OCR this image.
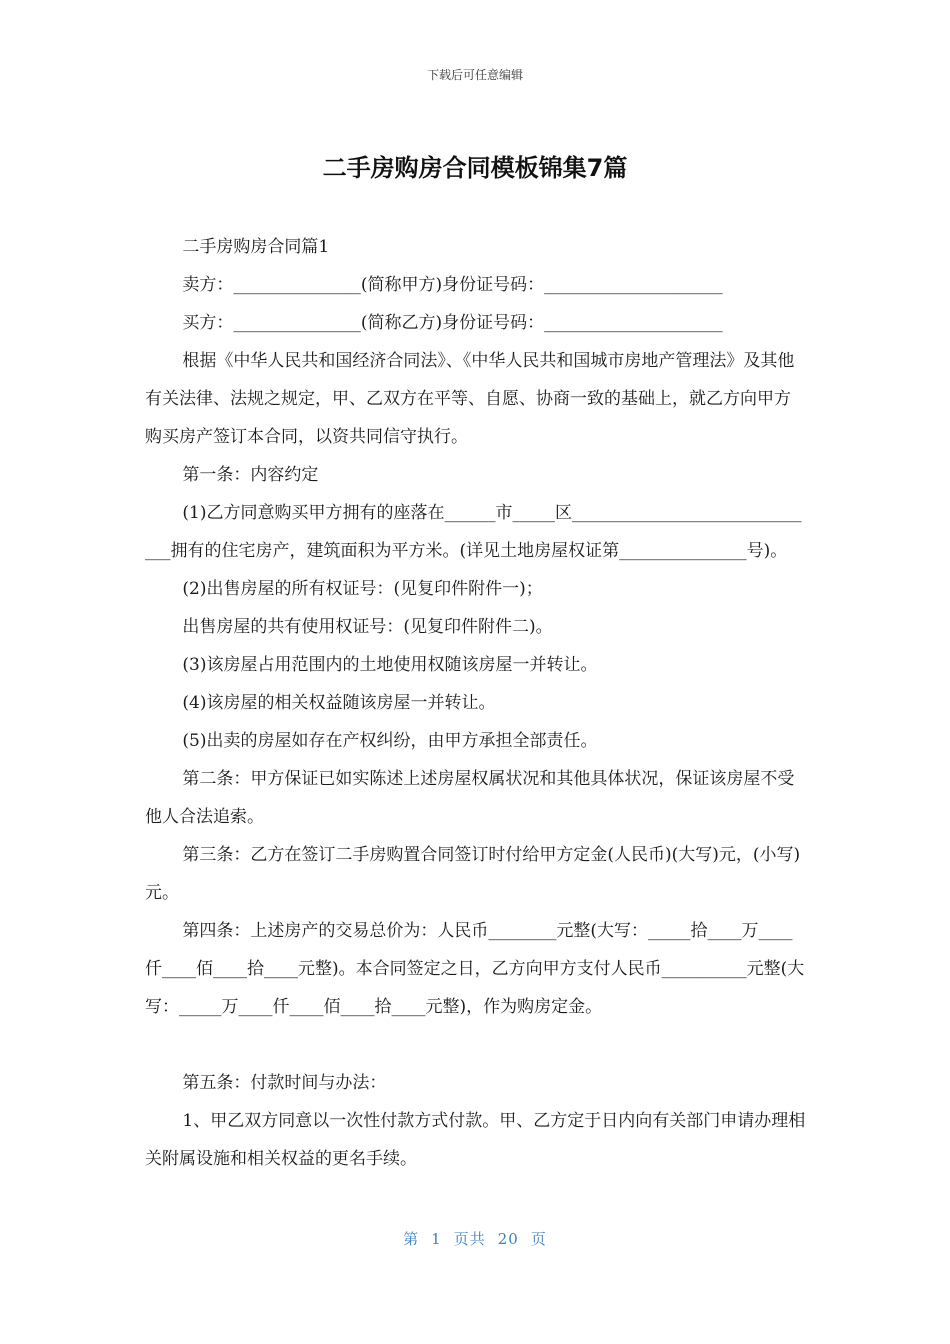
下载后可任意编辑
二手房购房合同模板锦集7篇

二手房购房合同篇1

卖方：_______________(简称甲方)身份证号码：_____________________

买方：_______________(简称乙方)身份证号码：_____________________

根据《中华人民共和国经济合同法》、《中华人民共和国城市房地产管理法》及其他有关法律、法规之规定，甲、乙双方在平等、自愿、协商一致的基础上，就乙方向甲方购买房产签订本合同，以资共同信守执行。

第一条：内容约定

(1)乙方同意购买甲方拥有的座落在______市_____区______________________________拥有的住宅房产，建筑面积为平方米。(详见土地房屋权证第_______________号)。

(2)出售房屋的所有权证号：(见复印件附件一)；

出售房屋的共有使用权证号：(见复印件附件二)。

(3)该房屋占用范围内的土地使用权随该房屋一并转让。

(4)该房屋的相关权益随该房屋一并转让。

(5)出卖的房屋如存在产权纠纷，由甲方承担全部责任。

第二条：甲方保证已如实陈述上述房屋权属状况和其他具体状况，保证该房屋不受他人合法追索。

第三条：乙方在签订二手房购置合同签订时付给甲方定金(人民币)(大写)元，(小写)元。

第四条：上述房产的交易总价为：人民币________元整(大写：_____拾____万____仟____佰____拾____元整)。本合同签定之日，乙方向甲方支付人民币__________元整(大写：_____万____仟____佰____拾____元整)，作为购房定金。

第五条：付款时间与办法：

1、甲乙双方同意以一次性付款方式付款。甲、乙方定于日内向有关部门申请办理相关附属设施和相关权益的更名手续。

第 1 页共 20 页
